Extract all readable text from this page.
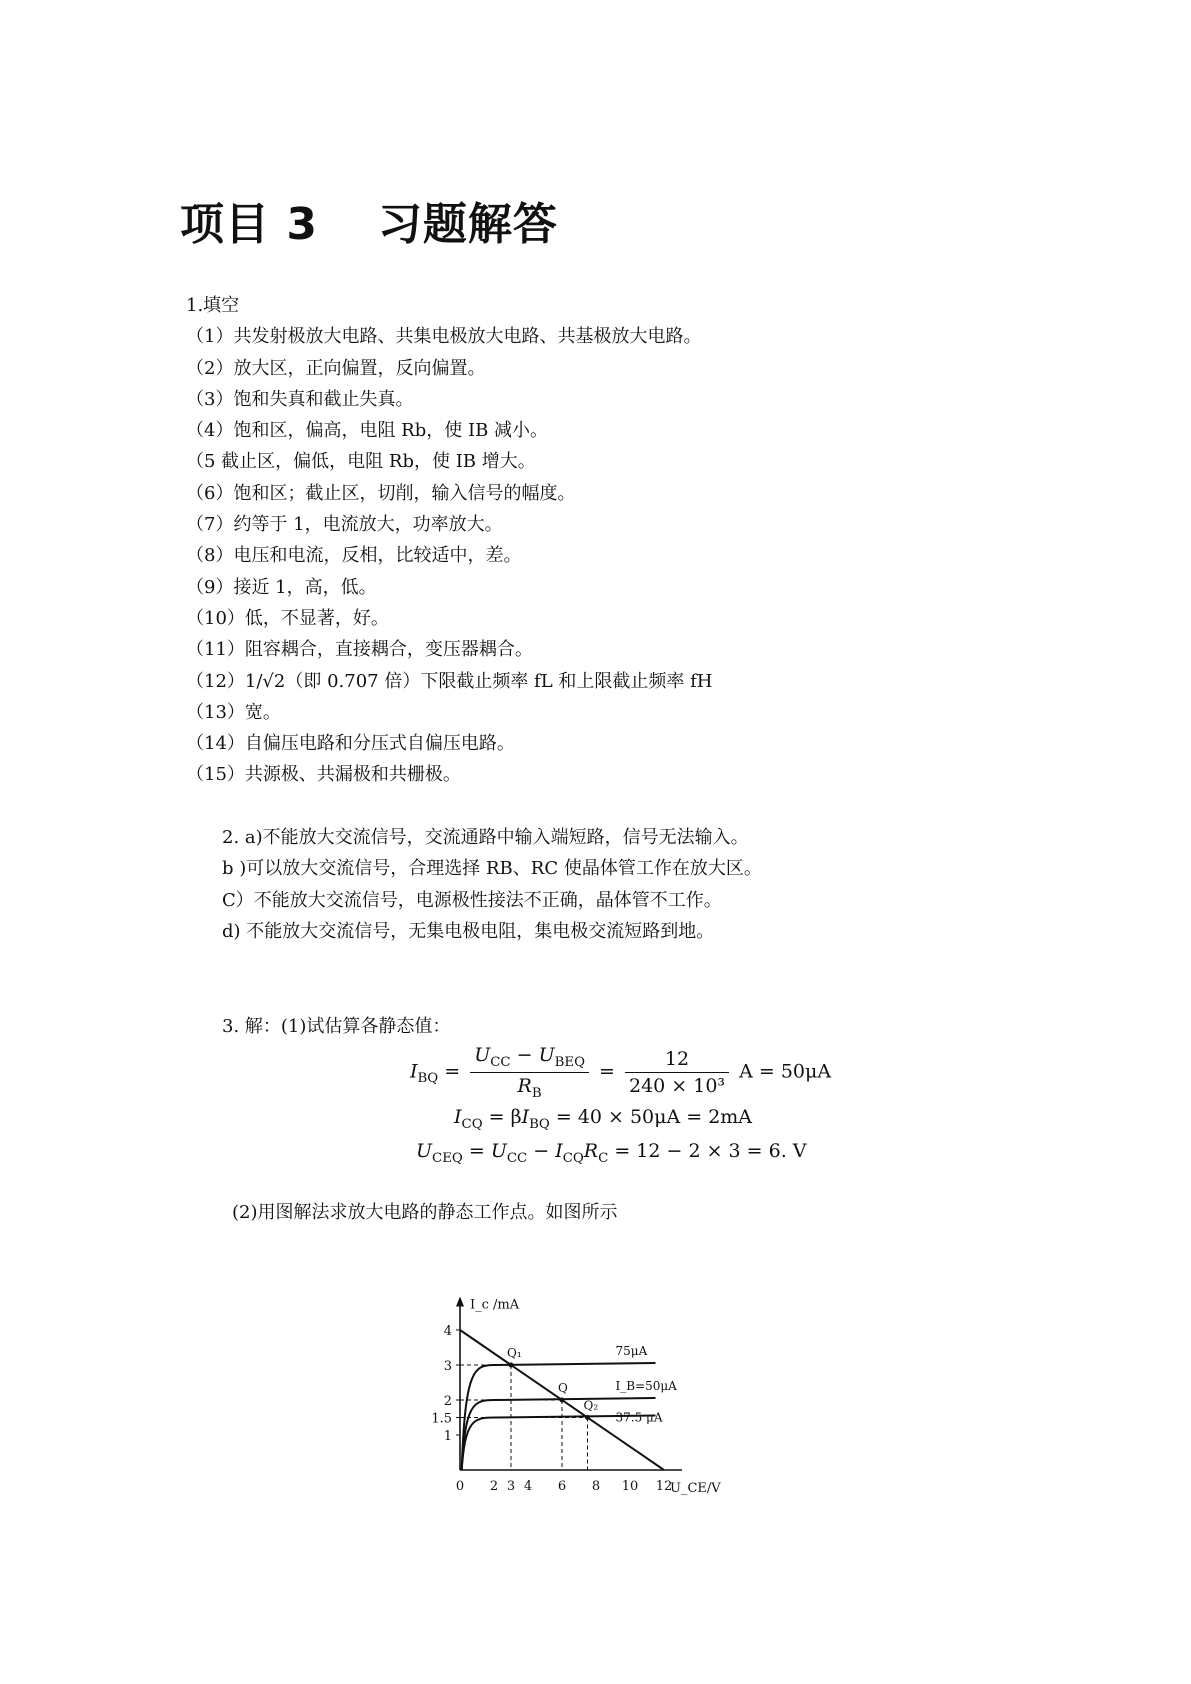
项目 3 习题解答
1.填空
（1）共发射极放大电路、共集电极放大电路、共基极放大电路。
（2）放大区，正向偏置，反向偏置。
（3）饱和失真和截止失真。
（4）饱和区，偏高，电阻 Rb，使 IB 减小。
（5 截止区，偏低，电阻 Rb，使 IB 增大。
（6）饱和区；截止区，切削，输入信号的幅度。
（7）约等于 1，电流放大，功率放大。
（8）电压和电流，反相，比较适中，差。
（9）接近 1，高，低。
（10）低，不显著，好。
（11）阻容耦合，直接耦合，变压器耦合。
（12）1/√2（即 0.707 倍）下限截止频率 fL 和上限截止频率 fH
（13）宽。
（14）自偏压电路和分压式自偏压电路。
（15）共源极、共漏极和共栅极。
2. a)不能放大交流信号，交流通路中输入端短路，信号无法输入。
b )可以放大交流信号，合理选择 RB、RC 使晶体管工作在放大区。
C）不能放大交流信号，电源极性接法不正确，晶体管不工作。
d) 不能放大交流信号，无集电极电阻，集电极交流短路到地。
3. 解：(1)试估算各静态值：
$I_{BQ} = \frac{U_{CC} - U_{BEQ}}{R_B} = \frac{12}{\text{240 × 10³}}$ A = 50μA
$I_{CQ} = \beta I_{BQ} = 40 \times 50\mu A = 2mA$
$U_{CEQ} = U_{CC} - I_{CQ}R_C = 12 - 2 \times 3 = 6$. V
(2)用图解法求放大电路的静态工作点。如图所示
I_c /mA
U_CE/V
0 2 3 4 6 8 10 12
1
1.5
2
3
4
75μA
I_B=50μA
37.5 μA
Q₁
Q
Q₂
